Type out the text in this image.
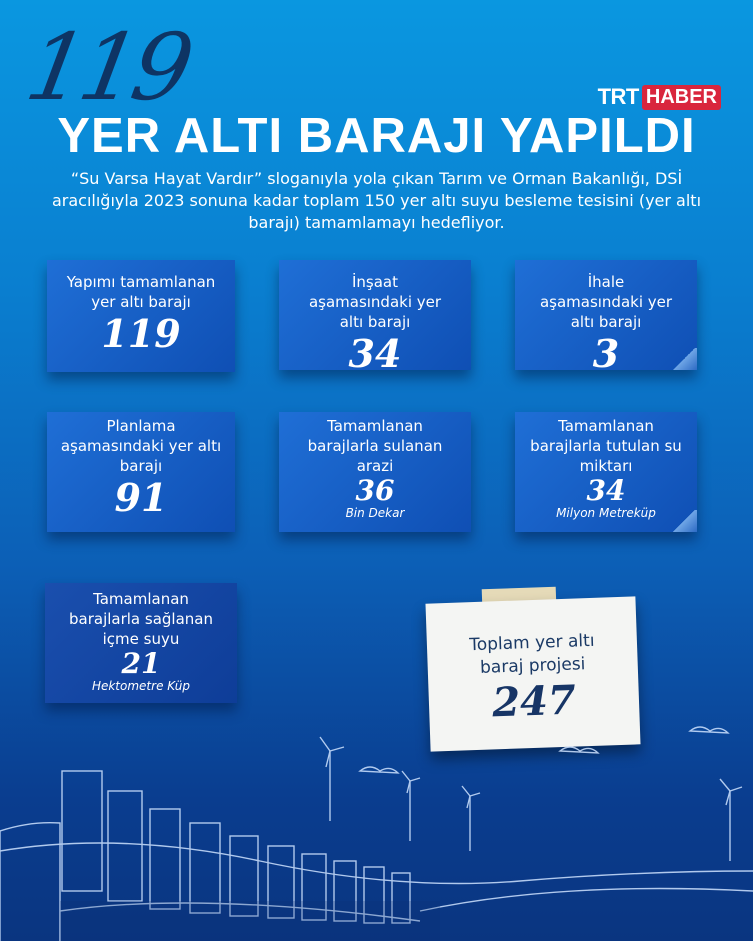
119	TRT HABER
YER ALTI BARAJI YAPILDI
“Su Varsa Hayat Vardır” sloganıyla yola çıkan Tarım ve Orman Bakanlığı, DSİ aracılığıyla 2023 sonuna kadar toplam 150 yer altı suyu besleme tesisini (yer altı barajı) tamamlamayı hedefliyor.
Yapımı tamamlanan yer altı barajı
119
İnşaat aşamasındaki yer altı barajı
34
İhale aşamasındaki yer altı barajı
3
Planlama aşamasındaki yer altı barajı
91
Tamamlanan barajlarla sulanan arazi
36
Bin Dekar
Tamamlanan barajlarla tutulan su miktarı
34
Milyon Metreküp
Tamamlanan barajlarla sağlanan içme suyu
21
Hektometre Küp
Toplam yer altı baraj projesi
247
